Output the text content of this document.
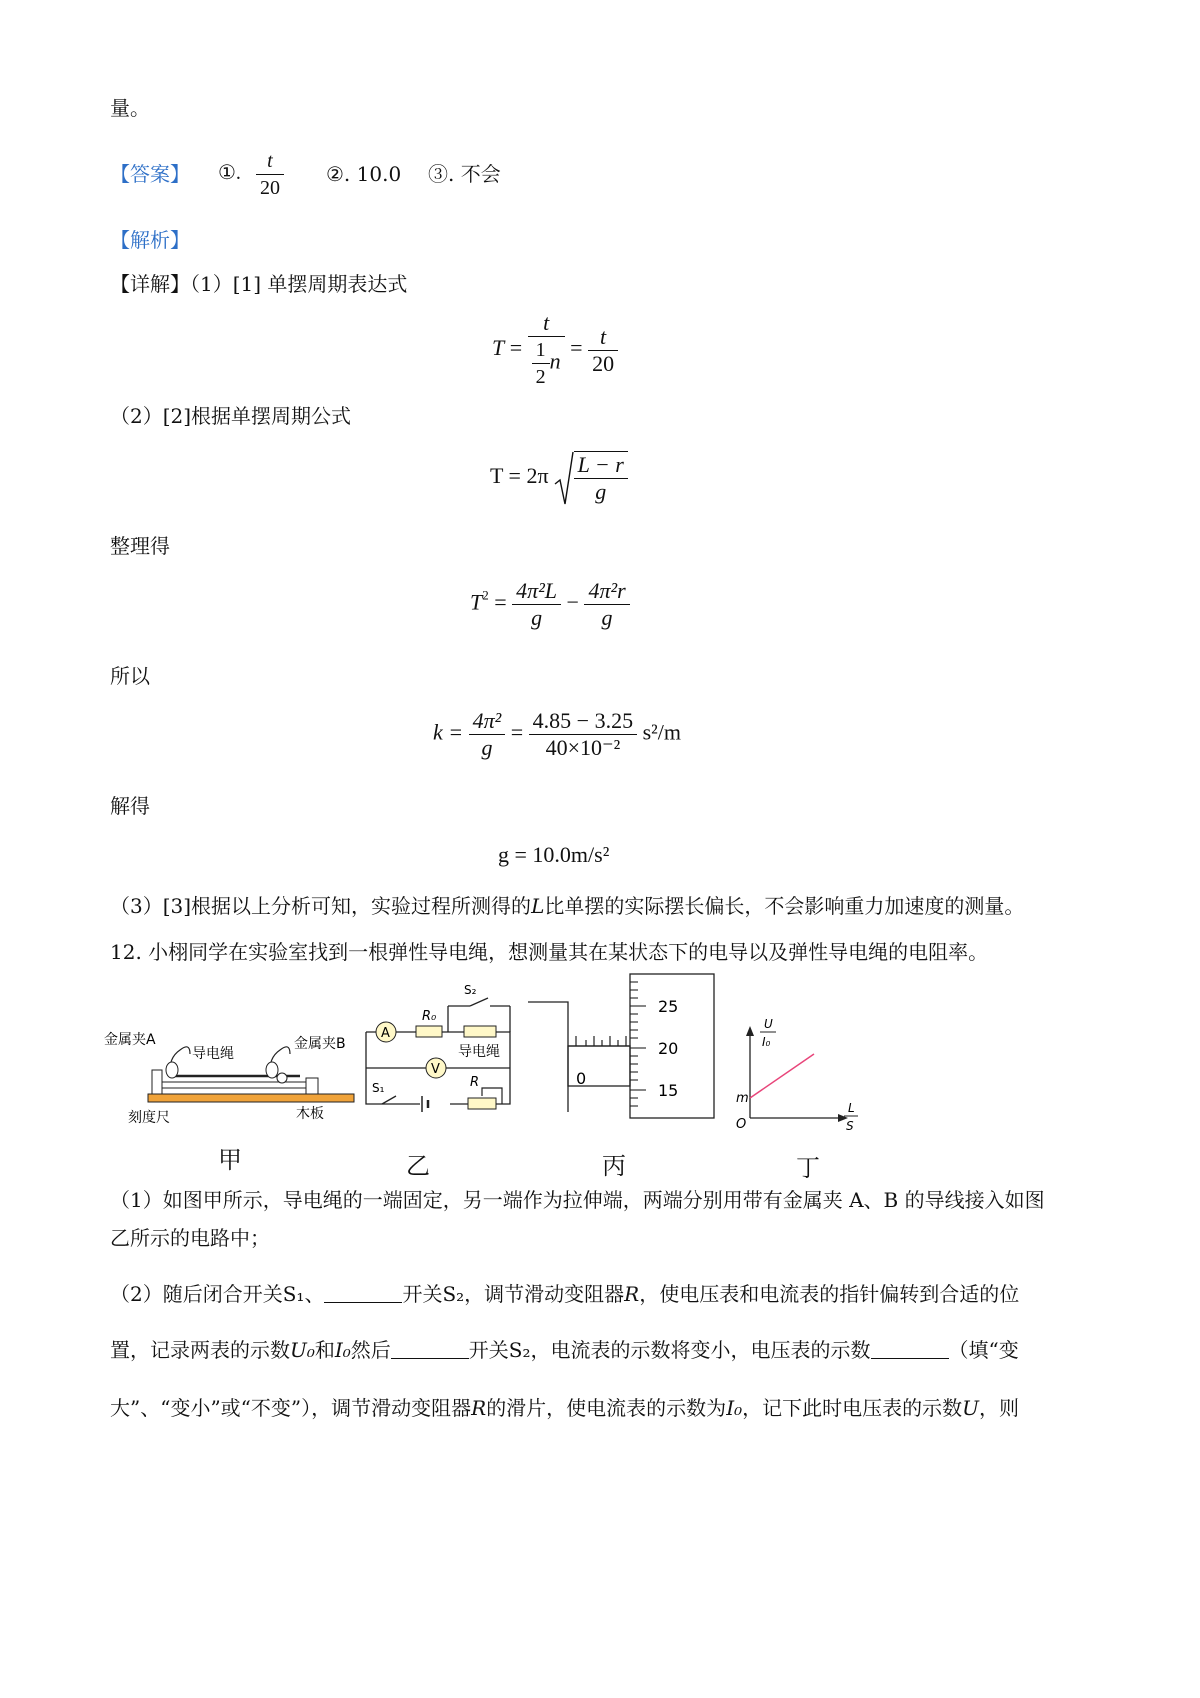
量。
【答案】 ①. $\frac{t}{20}$ ②. 10.0 ③. 不会
【解析】
【详解】（1）[1] 单摆周期表达式
$T = \frac{t}{\frac{1}{2} n} = \frac{t}{20}$
（2）[2]根据单摆周期公式
$T = 2\pi \frac{L - r}{g}$
整理得
$T^2 = \frac{\text{4π²L}}{g} - \frac{\text{4π²r}}{g}$
所以
$k = \frac{\text{4π²}}{g} = \frac{4.85 - 3.25}{\text{40×10⁻²}} s^2/m$
解得
g = 10.0m/s²
（3）[3]根据以上分析可知，实验过程所测得的L比单摆的实际摆长偏长，不会影响重力加速度的测量。
12. 小栩同学在实验室找到一根弹性导电绳，想测量其在某状态下的电导以及弹性导电绳的电阻率。
金属夹A
导电绳
金属夹B
刻度尺	木板
甲
A
R₀
S₂
导电绳
V
S₁	R
乙
25
20
15
0
丙
U
I₀
m
O
L
S
丁
（1）如图甲所示，导电绳的一端固定，另一端作为拉伸端，两端分别用带有金属夹 A、B 的导线接入如图
乙所示的电路中；
（2）随后闭合开关S₁、	开关S₂，调节滑动变阻器R，使电压表和电流表的指针偏转到合适的位
置，记录两表的示数U₀和I₀然后	开关S₂，电流表的示数将变小，电压表的示数	（填“变
大”、“变小”或“不变”），调节滑动变阻器R的滑片，使电流表的示数为I₀，记下此时电压表的示数U，则
